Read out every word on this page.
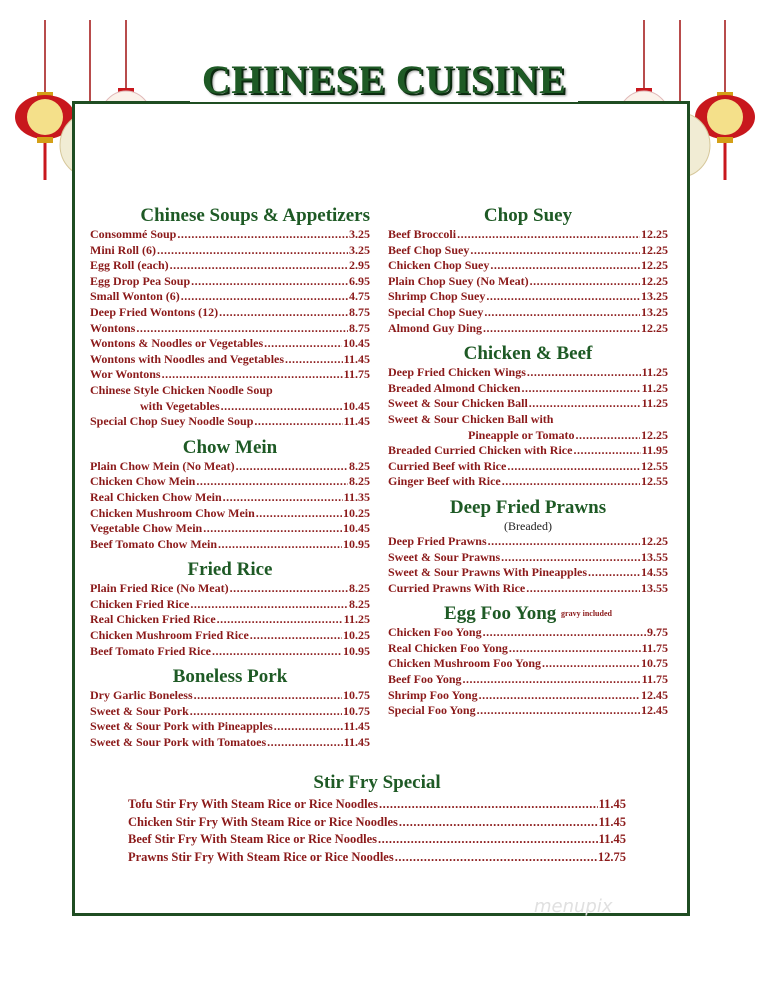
CHINESE CUISINE
Chinese Soups & Appetizers
Consommé Soup .....	3.25
Mini Roll (6) .....	3.25
Egg Roll (each) .....	2.95
Egg Drop Pea Soup .....	6.95
Small Wonton (6) .....	4.75
Deep Fried Wontons (12) .....	8.75
Wontons .....	8.75
Wontons & Noodles or Vegetables .....	10.45
Wontons with Noodles and Vegetables .....	11.45
Wor Wontons .....	11.75
Chinese Style Chicken Noodle Soup
with Vegetables .....	10.45
Special Chop Suey Noodle Soup .....	11.45
Chow Mein
Plain Chow Mein (No Meat) .....	8.25
Chicken Chow Mein .....	8.25
Real Chicken Chow Mein .....	11.35
Chicken Mushroom Chow Mein .....	10.25
Vegetable Chow Mein .....	10.45
Beef Tomato Chow Mein .....	10.95
Fried Rice
Plain Fried Rice (No Meat) .....	8.25
Chicken Fried Rice .....	8.25
Real Chicken Fried Rice .....	11.25
Chicken Mushroom Fried Rice .....	10.25
Beef Tomato Fried Rice .....	10.95
Boneless Pork
Dry Garlic Boneless .....	10.75
Sweet & Sour Pork .....	10.75
Sweet & Sour Pork with Pineapples .....	11.45
Sweet & Sour Pork with Tomatoes .....	11.45
Chop Suey
Beef Broccoli .....	12.25
Beef Chop Suey .....	12.25
Chicken Chop Suey .....	12.25
Plain Chop Suey (No Meat) .....	12.25
Shrimp Chop Suey .....	13.25
Special Chop Suey .....	13.25
Almond Guy Ding .....	12.25
Chicken & Beef
Deep Fried Chicken Wings .....	11.25
Breaded Almond Chicken .....	11.25
Sweet & Sour Chicken Ball .....	11.25
Sweet & Sour Chicken Ball with
Pineapple or Tomato .....	12.25
Breaded Curried Chicken with Rice .....	11.95
Curried Beef with Rice .....	12.55
Ginger Beef with Rice .....	12.55
Deep Fried Prawns
(Breaded)
Deep Fried Prawns .....	12.25
Sweet & Sour Prawns .....	13.55
Sweet & Sour Prawns With Pineapples .....	14.55
Curried Prawns With Rice .....	13.55
Egg Foo Yong $^{gravy included}$
Chicken Foo Yong .....	9.75
Real Chicken Foo Yong .....	11.75
Chicken Mushroom Foo Yong .....	10.75
Beef Foo Yong .....	11.75
Shrimp Foo Yong .....	12.45
Special Foo Yong .....	12.45
Stir Fry Special
Tofu Stir Fry With Steam Rice or Rice Noodles .....	11.45
Chicken Stir Fry With Steam Rice or Rice Noodles .....	11.45
Beef Stir Fry With Steam Rice or Rice Noodles .....	11.45
Prawns Stir Fry With Steam Rice or Rice Noodles .....	12.75
menupix
